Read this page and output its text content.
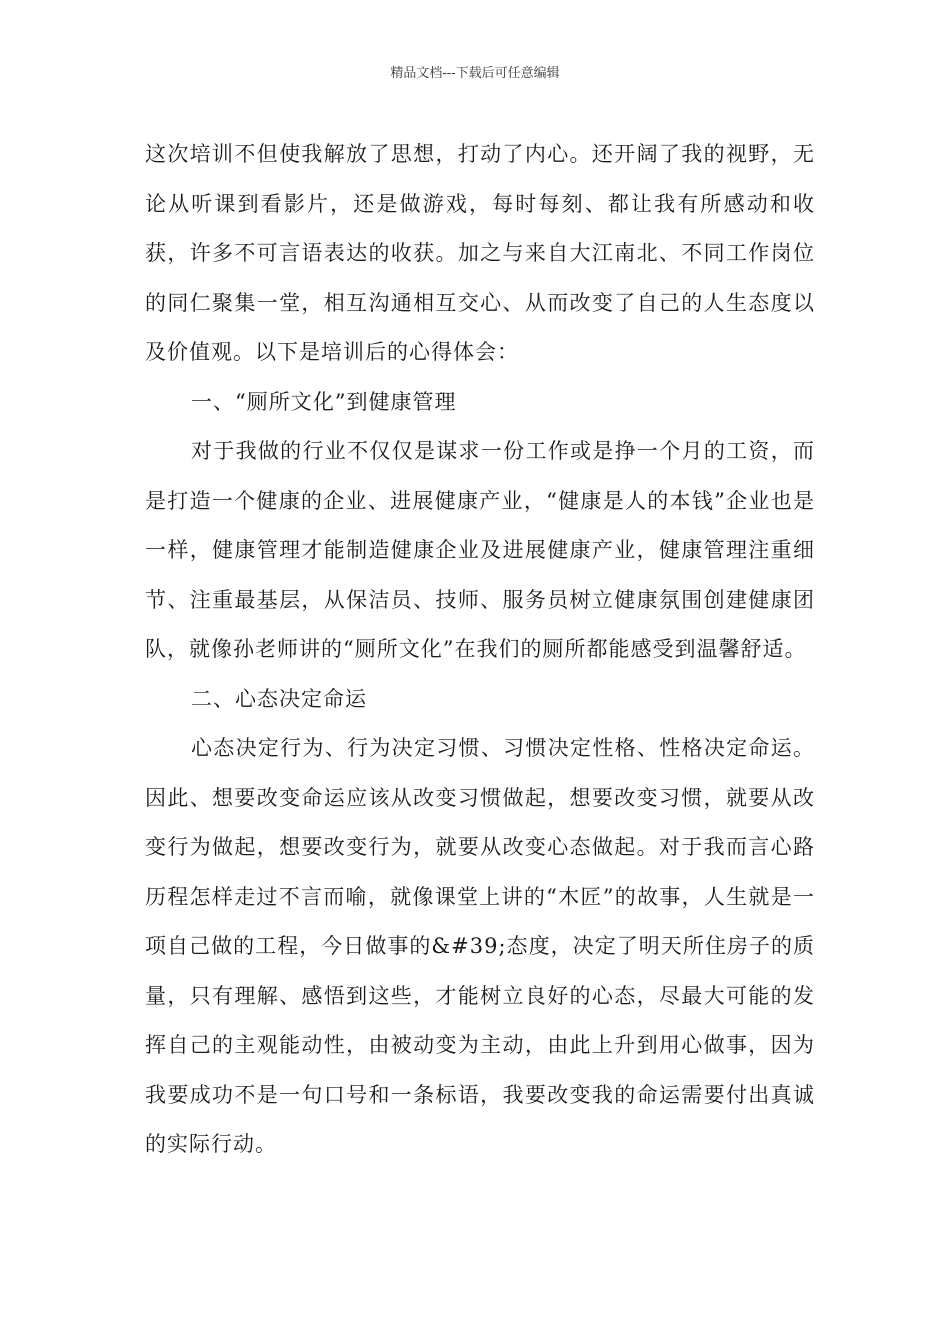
精品文档---下载后可任意编辑

这次培训不但使我解放了思想，打动了内心。还开阔了我的视野，无论从听课到看影片，还是做游戏，每时每刻、都让我有所感动和收获，许多不可言语表达的收获。加之与来自大江南北、不同工作岗位的同仁聚集一堂，相互沟通相互交心、从而改变了自己的人生态度以及价值观。以下是培训后的心得体会：

一、“厕所文化”到健康管理

对于我做的行业不仅仅是谋求一份工作或是挣一个月的工资，而是打造一个健康的企业、进展健康产业，“健康是人的本钱”企业也是一样，健康管理才能制造健康企业及进展健康产业，健康管理注重细节、注重最基层，从保洁员、技师、服务员树立健康氛围创建健康团队，就像孙老师讲的“厕所文化”在我们的厕所都能感受到温馨舒适。

二、心态决定命运

心态决定行为、行为决定习惯、习惯决定性格、性格决定命运。因此、想要改变命运应该从改变习惯做起，想要改变习惯，就要从改变行为做起，想要改变行为，就要从改变心态做起。对于我而言心路历程怎样走过不言而喻，就像课堂上讲的“木匠”的故事，人生就是一项自己做的工程，今日做事的&#39;态度，决定了明天所住房子的质量，只有理解、感悟到这些，才能树立良好的心态，尽最大可能的发挥自己的主观能动性，由被动变为主动，由此上升到用心做事，因为我要成功不是一句口号和一条标语，我要改变我的命运需要付出真诚的实际行动。
